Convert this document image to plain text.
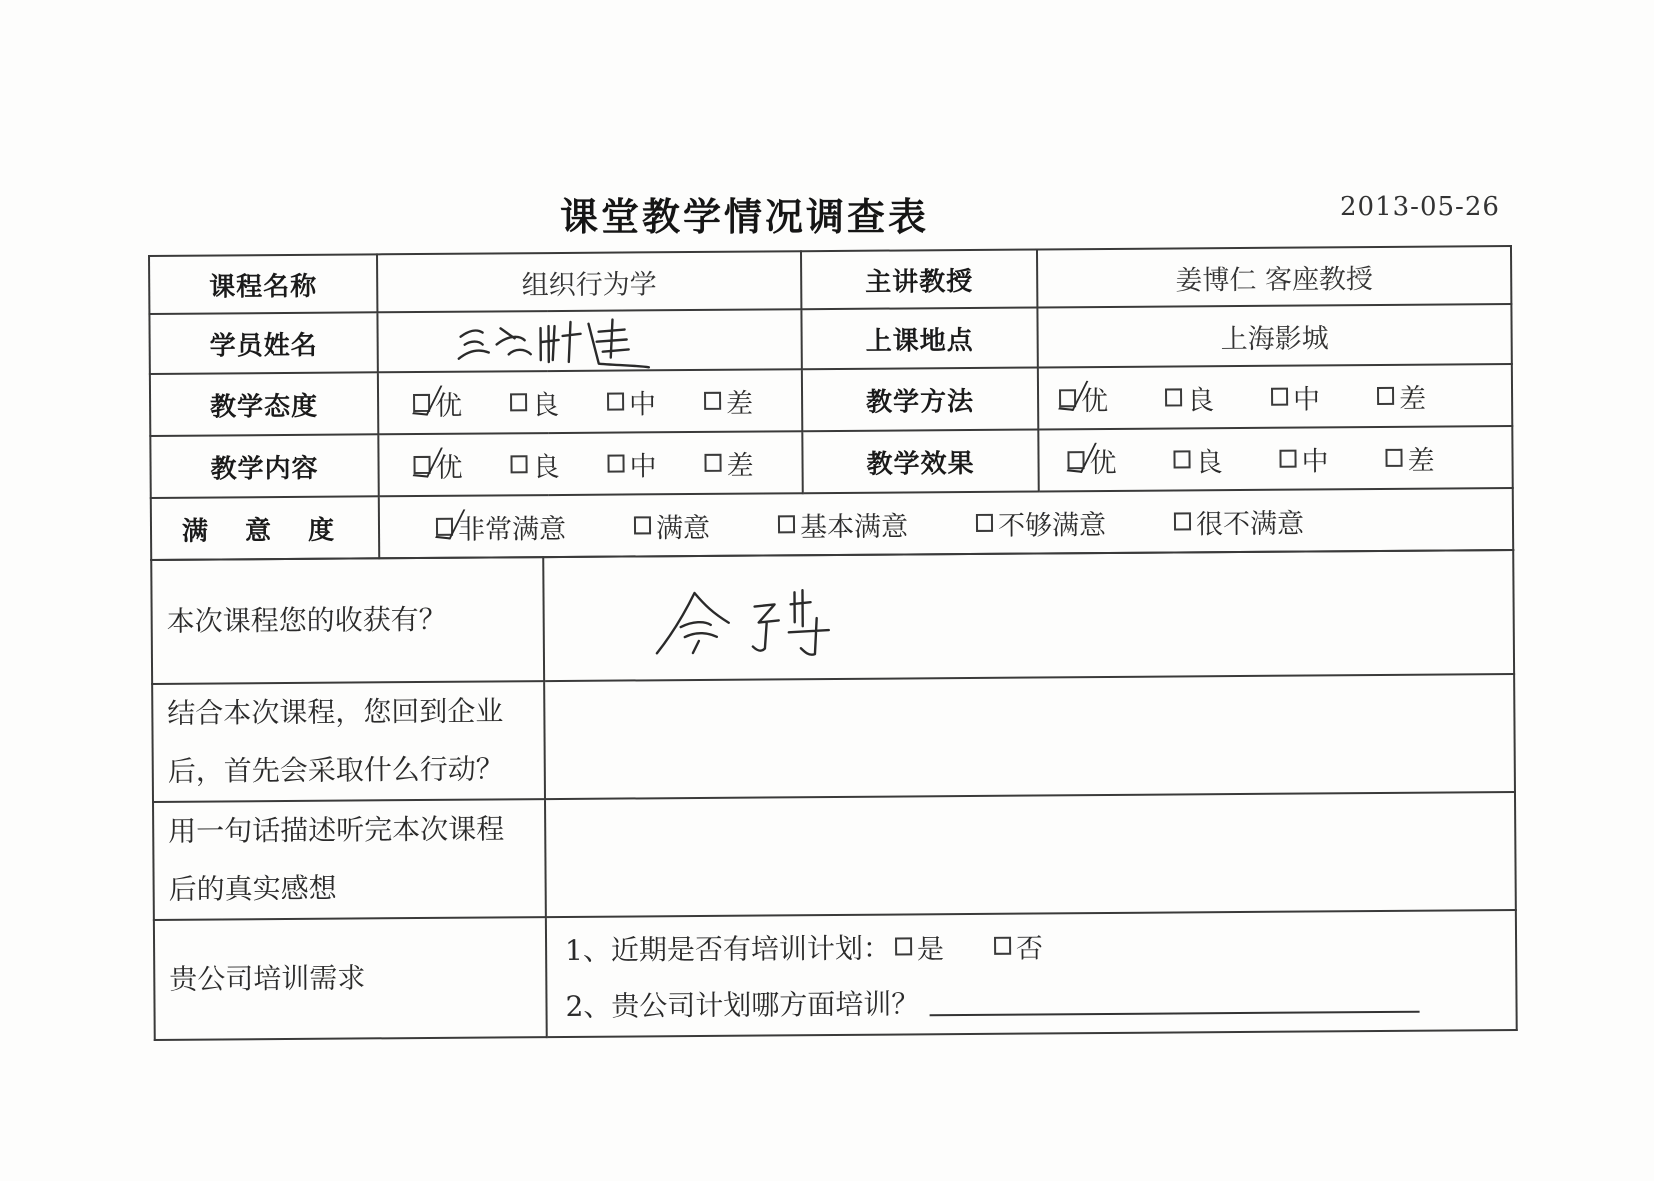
课堂教学情况调查表	2013-05-26
课程名称	组织行为学	主讲教授	姜博仁 客座教授
学员姓名		上课地点	上海影城
教学态度	优 良 中 差	教学方法	优 良 中 差

教学内容	优 良 中 差	教学效果	优 良 中 差

满 意 度	非常满意 满意 基本满意 不够满意 很不满意		
本次课程您的收获有？	

结合本次课程，您回到企业后，首先会采取什么行动？	
用一句话描述听完本次课程后的真实感想	
贵公司培训需求	1、近期是否有培训计划： 是 否
2、贵公司计划哪方面培训？
